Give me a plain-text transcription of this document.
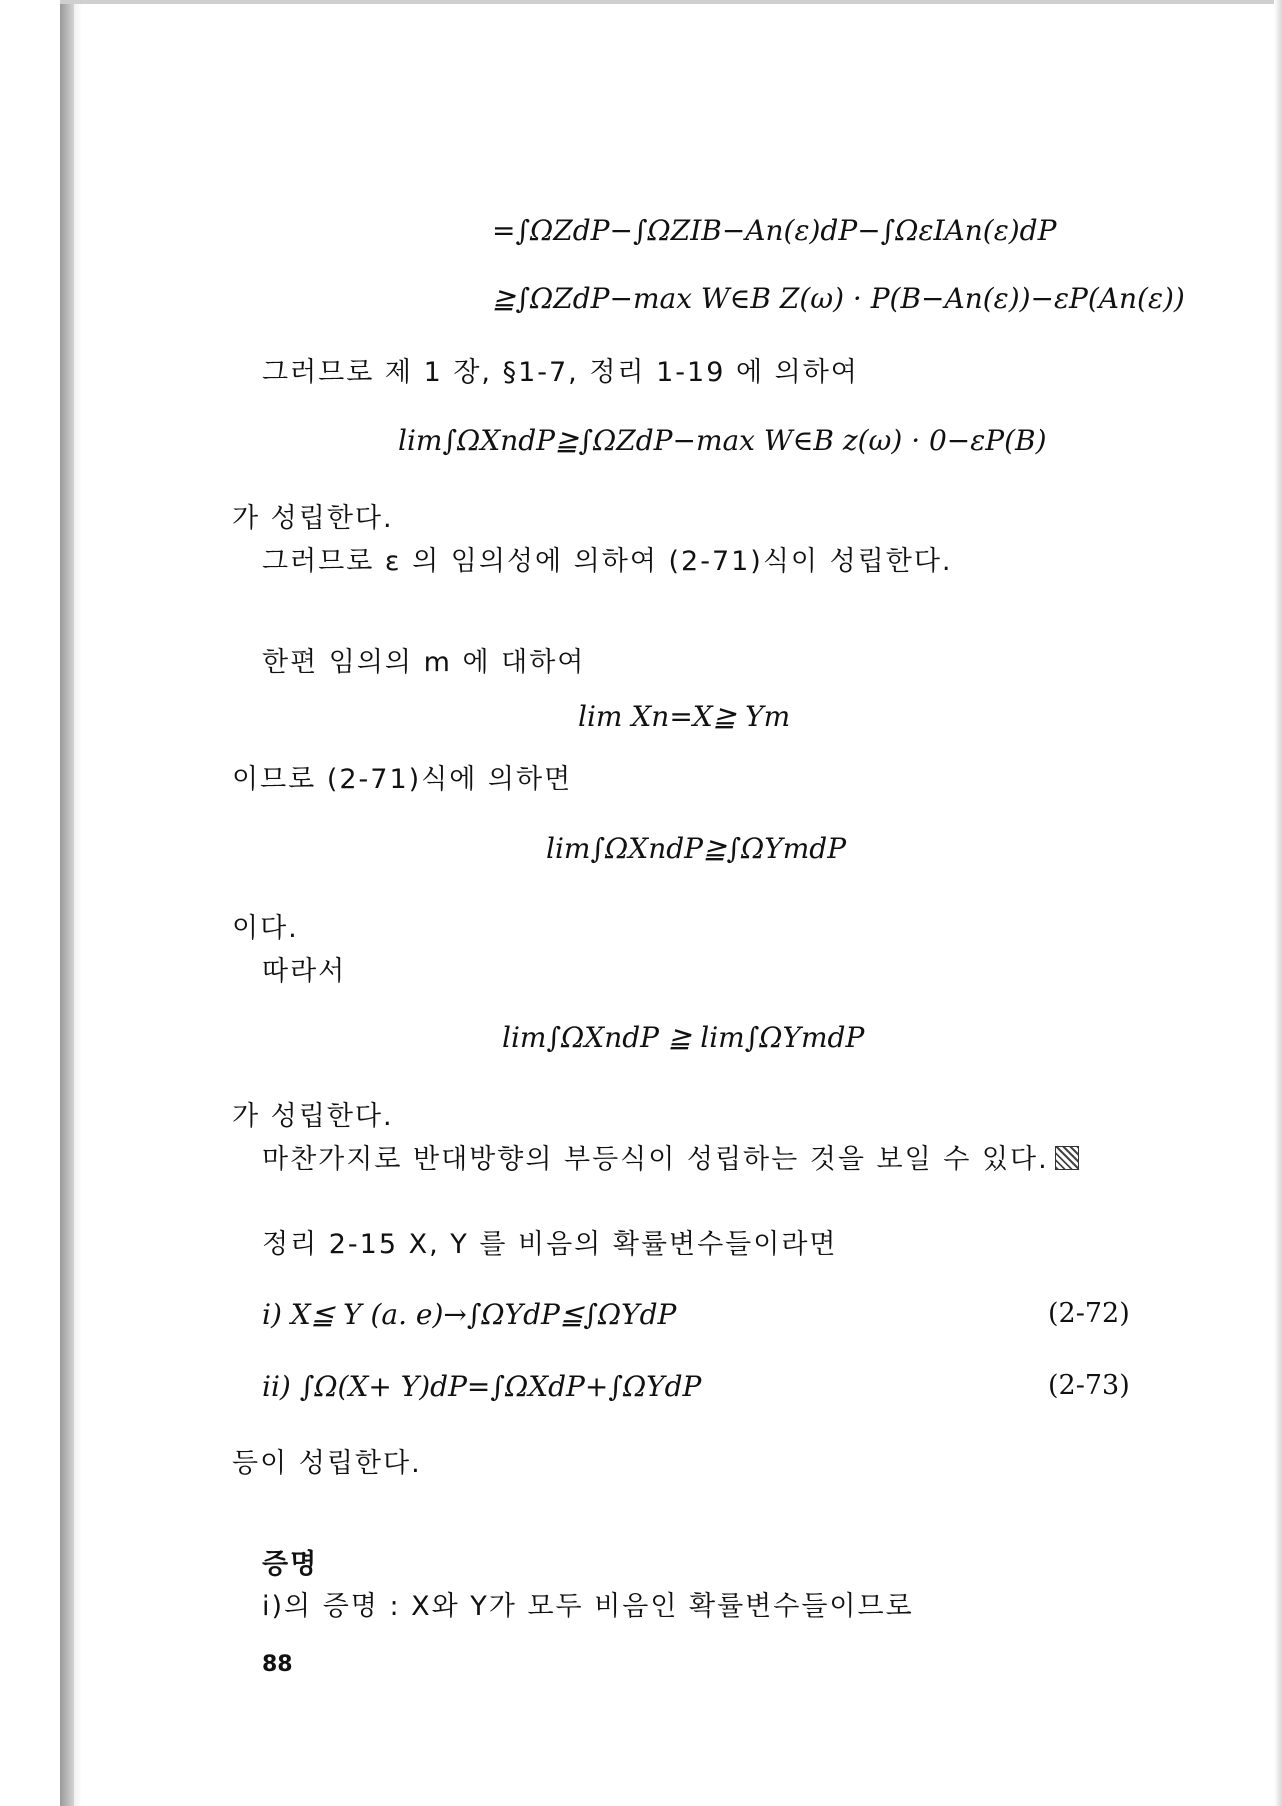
=∫ΩZdP−∫ΩZIB−An(ε)dP−∫ΩεIAn(ε)dP
≧∫ΩZdP−max W∈B Z(ω) · P(B−An(ε))−εP(An(ε))
그러므로 제 1 장, §1-7, 정리 1-19 에 의하여
lim∫ΩXndP≧∫ΩZdP−max W∈B z(ω) · 0−εP(B)
가 성립한다.
그러므로 ε 의 임의성에 의하여 (2-71)식이 성립한다.
한편 임의의 m 에 대하여
lim Xn=X≧ Ym
이므로 (2-71)식에 의하면
lim∫ΩXndP≧∫ΩYmdP
이다.
따라서
lim∫ΩXndP ≧ lim∫ΩYmdP
가 성립한다.
마찬가지로 반대방향의 부등식이 성립하는 것을 보일 수 있다.
정리 2-15 X, Y 를 비음의 확률변수들이라면
i) X≦ Y (a. e)→∫ΩYdP≦∫ΩYdP	(2-72)
ii) ∫Ω(X+ Y)dP=∫ΩXdP+∫ΩYdP	(2-73)
등이 성립한다.
증명
i)의 증명 : X와 Y가 모두 비음인 확률변수들이므로
88
